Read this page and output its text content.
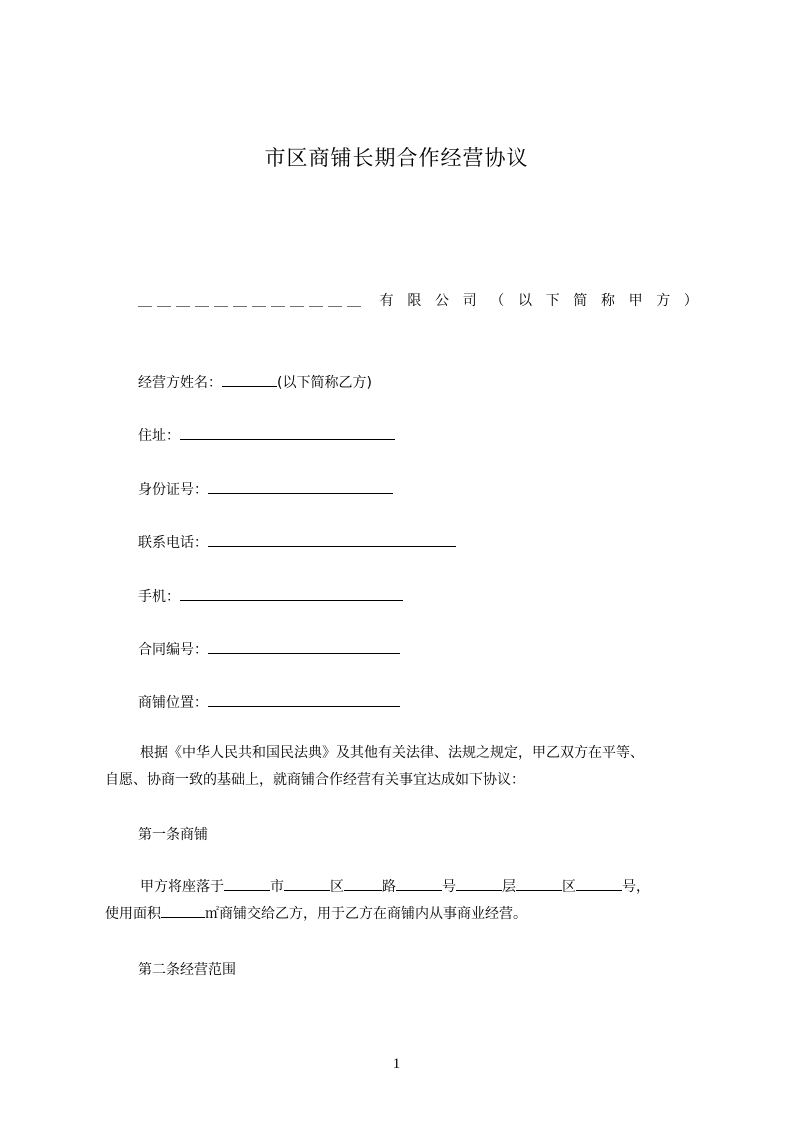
市区商铺长期合作经营协议
＿＿＿＿＿＿＿＿＿＿＿＿ 有 限 公 司 （ 以 下 简 称 甲 方 ）
经营方姓名：	(以下简称乙方)
住址：
身份证号：
联系电话：
手机：
合同编号：
商铺位置：
根据《中华人民共和国民法典》及其他有关法律、法规之规定，甲乙双方在平等、
自愿、协商一致的基础上，就商铺合作经营有关事宜达成如下协议：
第一条商铺
甲方将座落于	市	区	路	号	层	区	号，
使用面积	㎡商铺交给乙方，用于乙方在商铺内从事商业经营。
第二条经营范围
1
